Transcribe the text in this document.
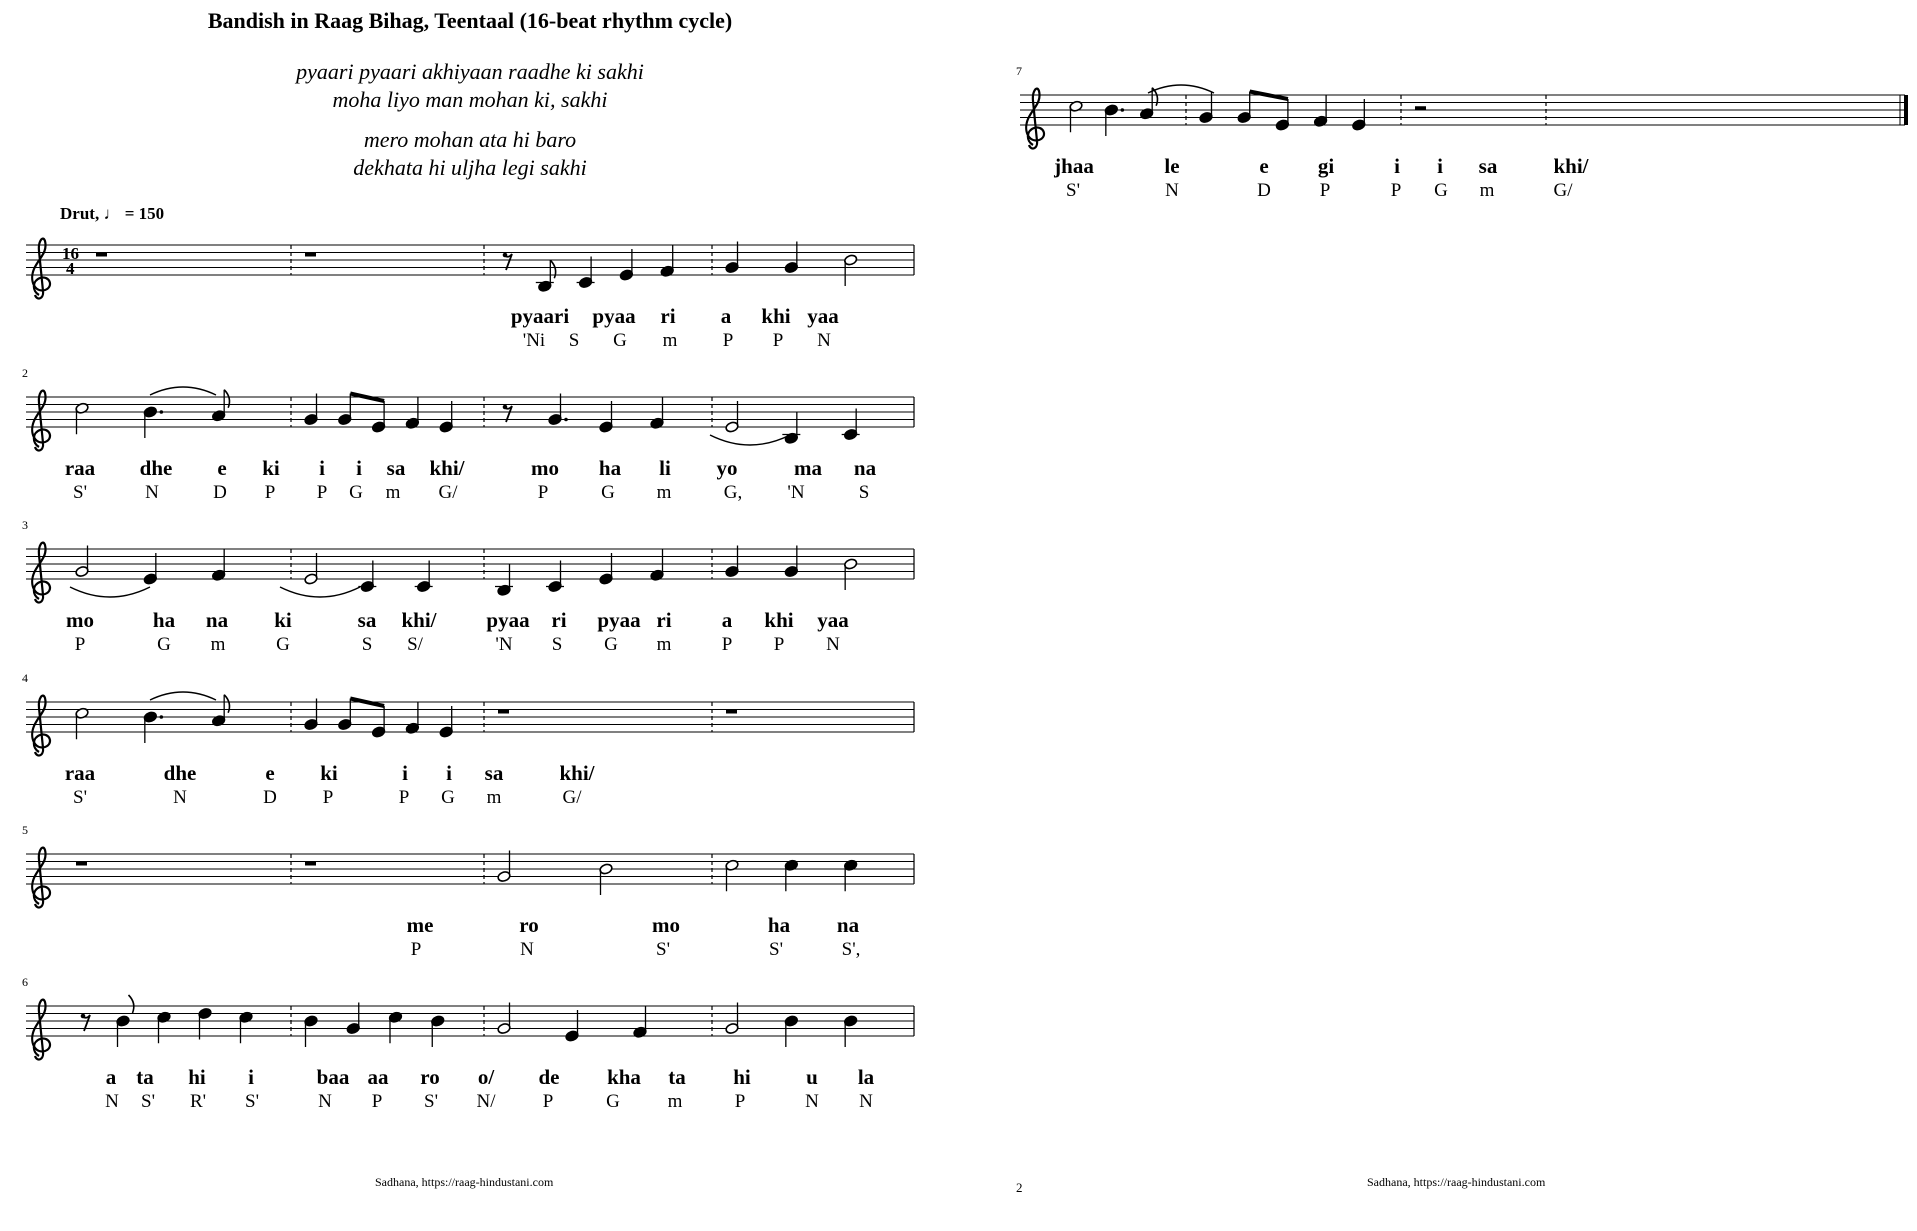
Bandish in Raag Bihag, Teentaal (16-beat rhythm cycle)
pyaari pyaari akhiyaan raadhe ki sakhi
moha liyo man mohan ki, sakhi
mero mohan ata hi baro
dekhata hi uljha legi sakhi
Drut, ♩ = 150
Sadhana, https://raag-hindustani.com	Sadhana, https://raag-hindustani.com
2
16
4
pyaari pyaa ri a khi yaa
'Ni S G m P P N
2
raa dhe e ki i i sa khi/	mo ha li yo	ma na
S'	N	D P P G m G/	P	G m	G, 'N	S
3
mo	ha na ki	sa khi/ pyaa ri pyaa ri a khi yaa
P	G m	G	S S/	'N S G m	P P N
4
raa	dhe	e ki	i i sa	khi/
S'	N	D P	P G m	G/
5
me	ro	mo	ha na
P	N	S'	S'	S',
6
a ta hi i	baa aa ro o/ de kha ta hi	u la
N S' R' S'	N P S' N/ P	G	m	P	N N
7
jhaa	le	e gi	i i sa	khi/
S'	N	D	P	P G m	G/
